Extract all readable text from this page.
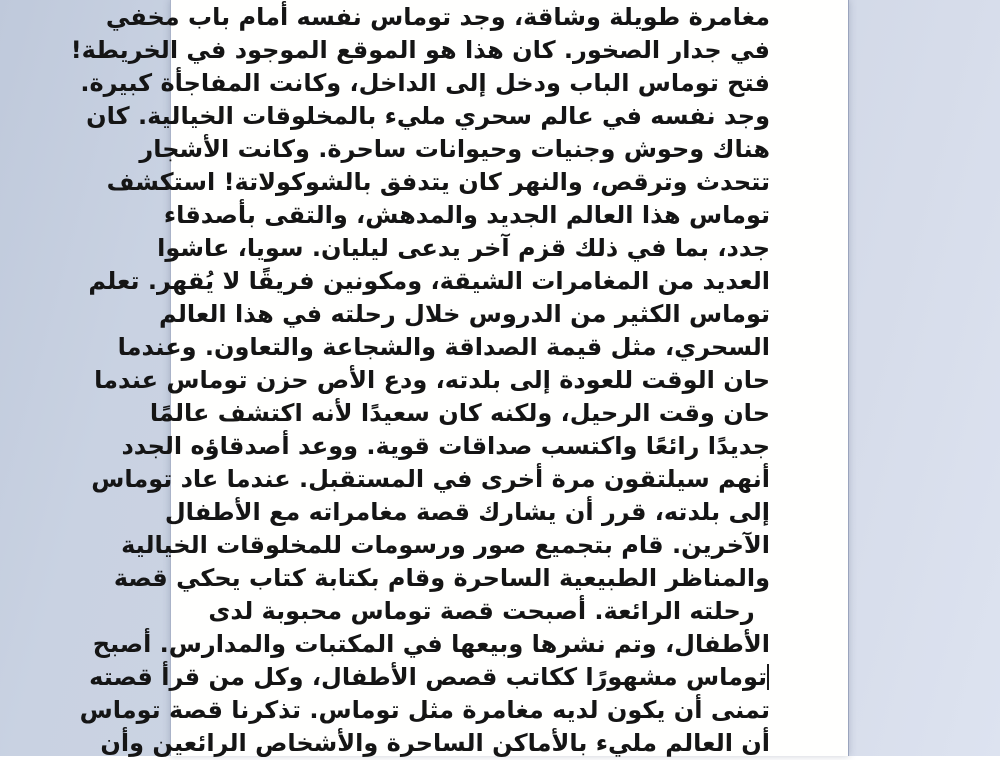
مغامرة طويلة وشاقة، وجد توماس نفسه أمام باب مخفي
في جدار الصخور. كان هذا هو الموقع الموجود في الخريطة!
فتح توماس الباب ودخل إلى الداخل، وكانت المفاجأة كبيرة.
وجد نفسه في عالم سحري مليء بالمخلوقات الخيالية. كان
هناك وحوش وجنيات وحيوانات ساحرة. وكانت الأشجار
تتحدث وترقص، والنهر كان يتدفق بالشوكولاتة! استكشف
توماس هذا العالم الجديد والمدهش، والتقى بأصدقاء
جدد، بما في ذلك قزم آخر يدعى ليليان. سويا، عاشوا
العديد من المغامرات الشيقة، ومكونين فريقًا لا يُقهر. تعلم
توماس الكثير من الدروس خلال رحلته في هذا العالم
السحري، مثل قيمة الصداقة والشجاعة والتعاون. وعندما
حان الوقت للعودة إلى بلدته، ودع الأص حزن توماس عندما
حان وقت الرحيل، ولكنه كان سعيدًا لأنه اكتشف عالمًا
جديدًا رائعًا واكتسب صداقات قوية. ووعد أصدقاؤه الجدد
أنهم سيلتقون مرة أخرى في المستقبل. عندما عاد توماس
إلى بلدته، قرر أن يشارك قصة مغامراته مع الأطفال
الآخرين. قام بتجميع صور ورسومات للمخلوقات الخيالية
والمناظر الطبيعية الساحرة وقام بكتابة كتاب يحكي قصة
رحلته الرائعة. أصبحت قصة توماس محبوبة لدى
الأطفال، وتم نشرها وبيعها في المكتبات والمدارس. أصبح
توماس مشهورًا ككاتب قصص الأطفال، وكل من قرأ قصته
تمنى أن يكون لديه مغامرة مثل توماس. تذكرنا قصة توماس
أن العالم مليء بالأماكن الساحرة والأشخاص الرائعين وأن
